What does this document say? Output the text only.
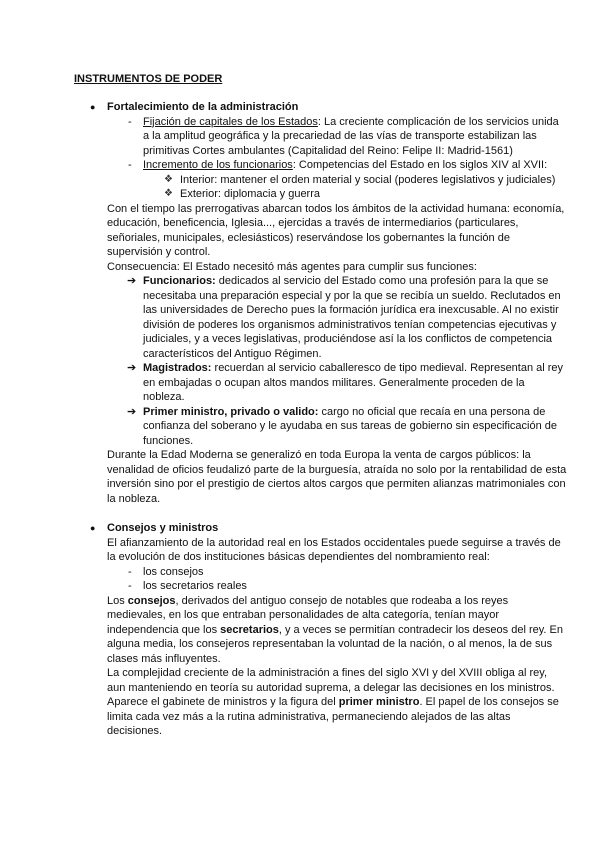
INSTRUMENTOS DE PODER
● Fortalecimiento de la administración
- Fijación de capitales de los Estados: La creciente complicación de los servicios unida
a la amplitud geográfica y la precariedad de las vías de transporte estabilizan las
primitivas Cortes ambulantes (Capitalidad del Reino: Felipe II: Madrid-1561)
- Incremento de los funcionarios: Competencias del Estado en los siglos XIV al XVII:
❖ Interior: mantener el orden material y social (poderes legislativos y judiciales)
❖ Exterior: diplomacia y guerra
Con el tiempo las prerrogativas abarcan todos los ámbitos de la actividad humana: economía,
educación, beneficencia, Iglesia..., ejercidas a través de intermediarios (particulares,
señoriales, municipales, eclesiásticos) reservándose los gobernantes la función de
supervisión y control.
Consecuencia: El Estado necesitó más agentes para cumplir sus funciones:
➔ Funcionarios: dedicados al servicio del Estado como una profesión para la que se
necesitaba una preparación especial y por la que se recibía un sueldo. Reclutados en
las universidades de Derecho pues la formación jurídica era inexcusable. Al no existir
división de poderes los organismos administrativos tenían competencias ejecutivas y
judiciales, y a veces legislativas, produciéndose así la los conflictos de competencia
característicos del Antiguo Régimen.
➔ Magistrados: recuerdan al servicio caballeresco de tipo medieval. Representan al rey
en embajadas o ocupan altos mandos militares. Generalmente proceden de la
nobleza.
➔ Primer ministro, privado o valido: cargo no oficial que recaía en una persona de
confianza del soberano y le ayudaba en sus tareas de gobierno sin especificación de
funciones.
Durante la Edad Moderna se generalizó en toda Europa la venta de cargos públicos: la
venalidad de oficios feudalizó parte de la burguesía, atraída no solo por la rentabilidad de esta
inversión sino por el prestigio de ciertos altos cargos que permiten alianzas matrimoniales con
la nobleza.
● Consejos y ministros
El afianzamiento de la autoridad real en los Estados occidentales puede seguirse a través de
la evolución de dos instituciones básicas dependientes del nombramiento real:
- los consejos
- los secretarios reales
Los consejos, derivados del antiguo consejo de notables que rodeaba a los reyes
medievales, en los que entraban personalidades de alta categoría, tenían mayor
independencia que los secretarios, y a veces se permitían contradecir los deseos del rey. En
alguna media, los consejeros representaban la voluntad de la nación, o al menos, la de sus
clases más influyentes.
La complejidad creciente de la administración a fines del siglo XVI y del XVIII obliga al rey,
aun manteniendo en teoría su autoridad suprema, a delegar las decisiones en los ministros.
Aparece el gabinete de ministros y la figura del primer ministro. El papel de los consejos se
limita cada vez más a la rutina administrativa, permaneciendo alejados de las altas
decisiones.
